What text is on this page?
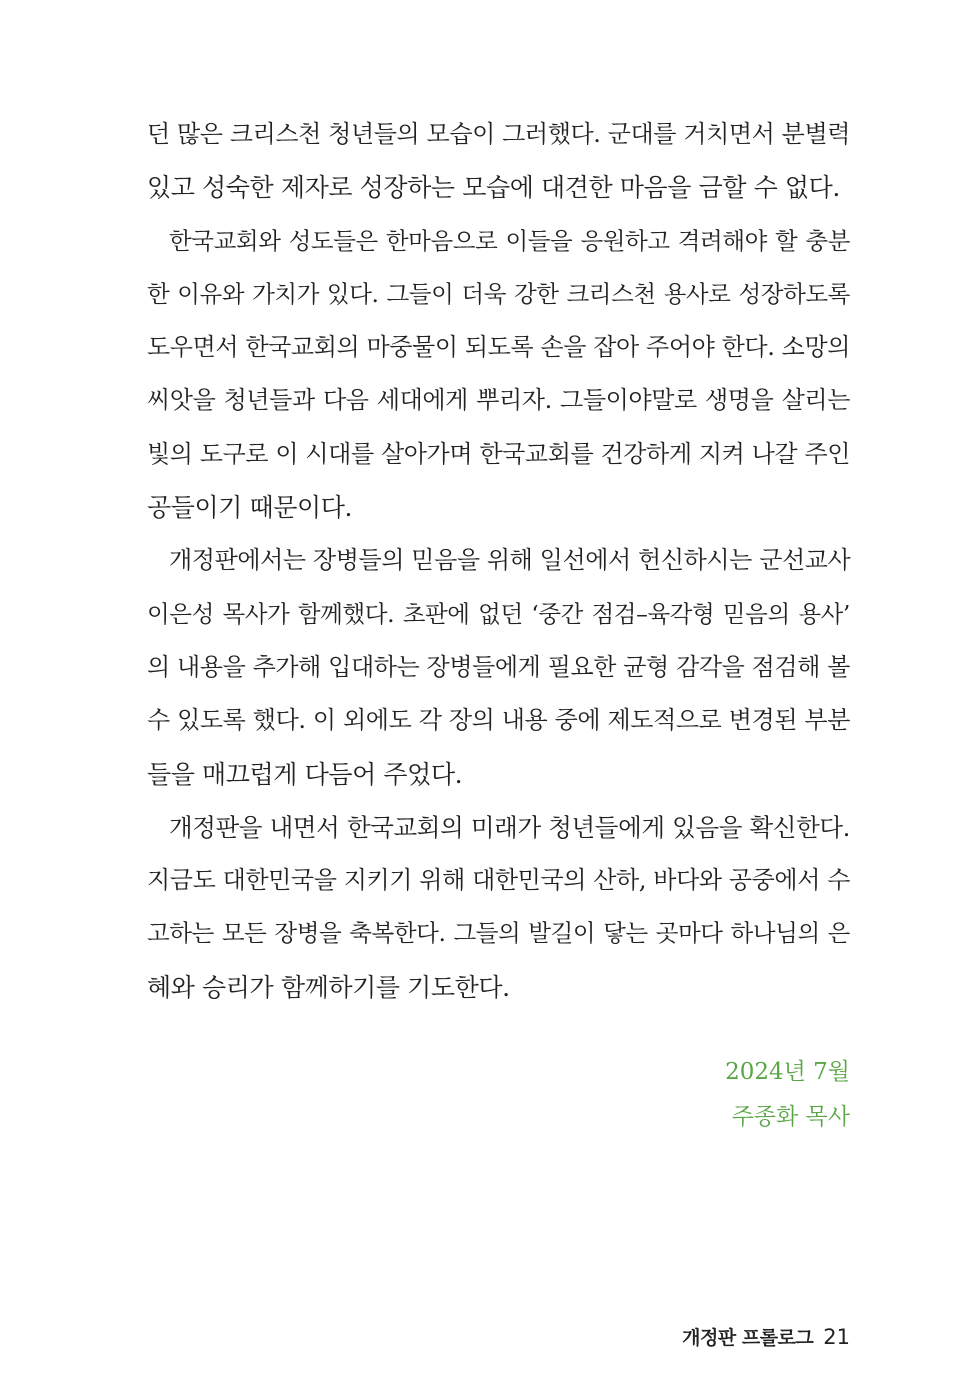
던 많은 크리스천 청년들의 모습이 그러했다. 군대를 거치면서 분별력
있고 성숙한 제자로 성장하는 모습에 대견한 마음을 금할 수 없다.
한국교회와 성도들은 한마음으로 이들을 응원하고 격려해야 할 충분
한 이유와 가치가 있다. 그들이 더욱 강한 크리스천 용사로 성장하도록
도우면서 한국교회의 마중물이 되도록 손을 잡아 주어야 한다. 소망의
씨앗을 청년들과 다음 세대에게 뿌리자. 그들이야말로 생명을 살리는
빛의 도구로 이 시대를 살아가며 한국교회를 건강하게 지켜 나갈 주인
공들이기 때문이다.
개정판에서는 장병들의 믿음을 위해 일선에서 헌신하시는 군선교사
이은성 목사가 함께했다. 초판에 없던 ‘중간 점검–육각형 믿음의 용사’
의 내용을 추가해 입대하는 장병들에게 필요한 균형 감각을 점검해 볼
수 있도록 했다. 이 외에도 각 장의 내용 중에 제도적으로 변경된 부분
들을 매끄럽게 다듬어 주었다.
개정판을 내면서 한국교회의 미래가 청년들에게 있음을 확신한다.
지금도 대한민국을 지키기 위해 대한민국의 산하, 바다와 공중에서 수
고하는 모든 장병을 축복한다. 그들의 발길이 닿는 곳마다 하나님의 은
혜와 승리가 함께하기를 기도한다.
2024년 7월
주종화 목사
개정판 프롤로그 21
